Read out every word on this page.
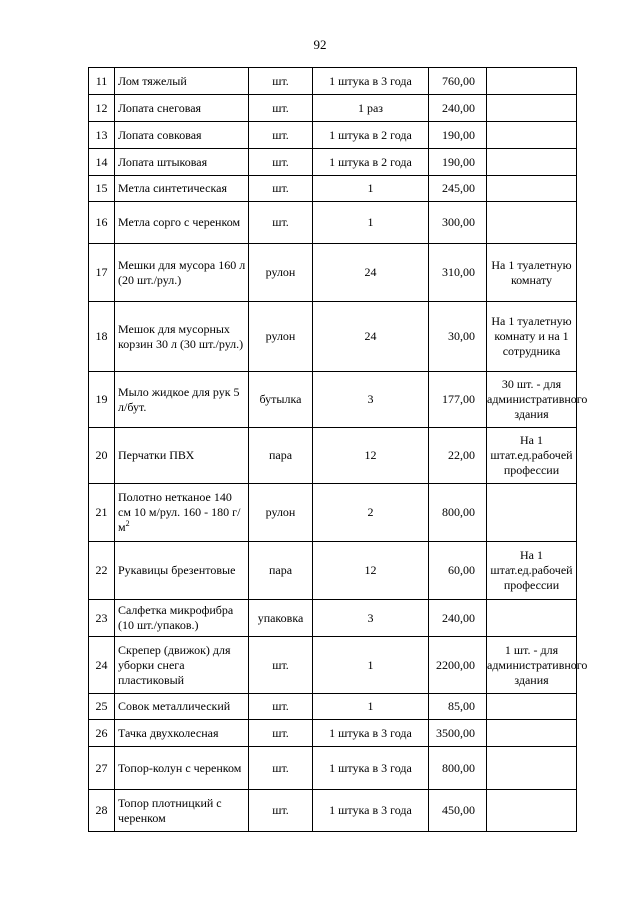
92
11	Лом тяжелый	шт.	1 штука в 3 года	760,00	
12	Лопата снеговая	шт.	1 раз	240,00	
13	Лопата совковая	шт.	1 штука в 2 года	190,00	
14	Лопата штыковая	шт.	1 штука в 2 года	190,00	
15	Метла синтетическая	шт.	1	245,00	
16	Метла сорго с черенком	шт.	1	300,00	
17	Мешки для мусора 160 л (20 шт./рул.)	рулон	24	310,00	На 1 туалетную комнату
18	Мешок для мусорных корзин 30 л (30 шт./рул.)	рулон	24	30,00	На 1 туалетную комнату и на 1 сотрудника
19	Мыло жидкое для рук 5 л/бут.	бутылка	3	177,00	30 шт. - для административного здания
20	Перчатки ПВХ	пара	12	22,00	На 1 штат.ед.рабочей профессии
21	Полотно нетканое 140 см 10 м/рул. 160 - 180 $г/м^2$	рулон	2	800,00	
22	Рукавицы брезентовые	пара	12	60,00	На 1 штат.ед.рабочей профессии
23	Салфетка микрофибра (10 шт./упаков.)	упаковка	3	240,00	
24	Скрепер (движок) для уборки снега пластиковый	шт.	1	2200,00	1 шт. - для административного здания
25	Совок металлический	шт.	1	85,00	
26	Тачка двухколесная	шт.	1 штука в 3 года	3500,00	
27	Топор-колун с черенком	шт.	1 штука в 3 года	800,00	
28	Топор плотницкий с черенком	шт.	1 штука в 3 года	450,00	
